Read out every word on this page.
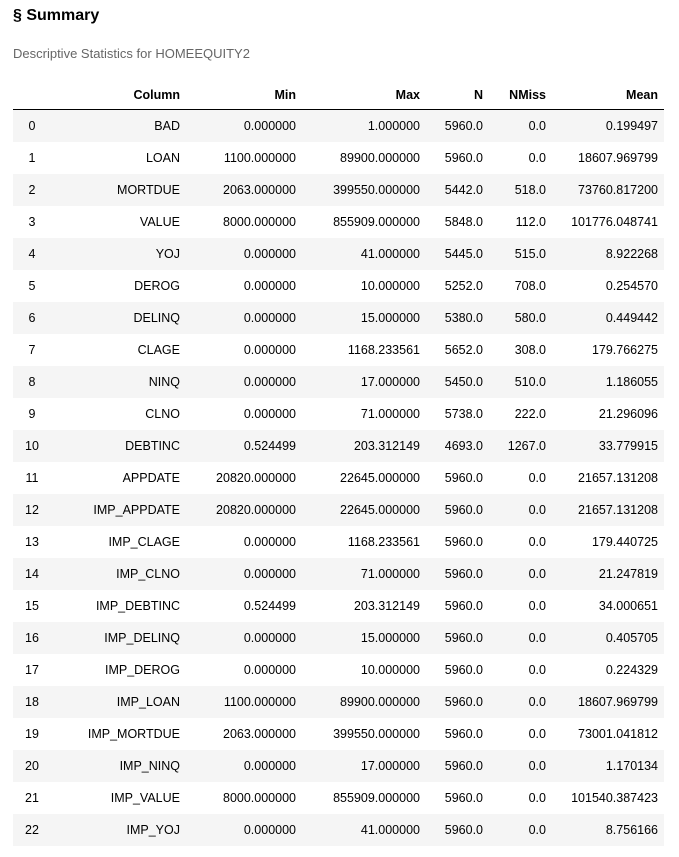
§ Summary
Descriptive Statistics for HOMEEQUITY2
	Column	Min	Max	N	NMiss	Mean
0	BAD	0.000000	1.000000	5960.0	0.0	0.199497
1	LOAN	1100.000000	89900.000000	5960.0	0.0	18607.969799
2	MORTDUE	2063.000000	399550.000000	5442.0	518.0	73760.817200
3	VALUE	8000.000000	855909.000000	5848.0	112.0	101776.048741
4	YOJ	0.000000	41.000000	5445.0	515.0	8.922268
5	DEROG	0.000000	10.000000	5252.0	708.0	0.254570
6	DELINQ	0.000000	15.000000	5380.0	580.0	0.449442
7	CLAGE	0.000000	1168.233561	5652.0	308.0	179.766275
8	NINQ	0.000000	17.000000	5450.0	510.0	1.186055
9	CLNO	0.000000	71.000000	5738.0	222.0	21.296096
10	DEBTINC	0.524499	203.312149	4693.0	1267.0	33.779915
11	APPDATE	20820.000000	22645.000000	5960.0	0.0	21657.131208
12	IMP_APPDATE	20820.000000	22645.000000	5960.0	0.0	21657.131208
13	IMP_CLAGE	0.000000	1168.233561	5960.0	0.0	179.440725
14	IMP_CLNO	0.000000	71.000000	5960.0	0.0	21.247819
15	IMP_DEBTINC	0.524499	203.312149	5960.0	0.0	34.000651
16	IMP_DELINQ	0.000000	15.000000	5960.0	0.0	0.405705
17	IMP_DEROG	0.000000	10.000000	5960.0	0.0	0.224329
18	IMP_LOAN	1100.000000	89900.000000	5960.0	0.0	18607.969799
19	IMP_MORTDUE	2063.000000	399550.000000	5960.0	0.0	73001.041812
20	IMP_NINQ	0.000000	17.000000	5960.0	0.0	1.170134
21	IMP_VALUE	8000.000000	855909.000000	5960.0	0.0	101540.387423
22	IMP_YOJ	0.000000	41.000000	5960.0	0.0	8.756166
